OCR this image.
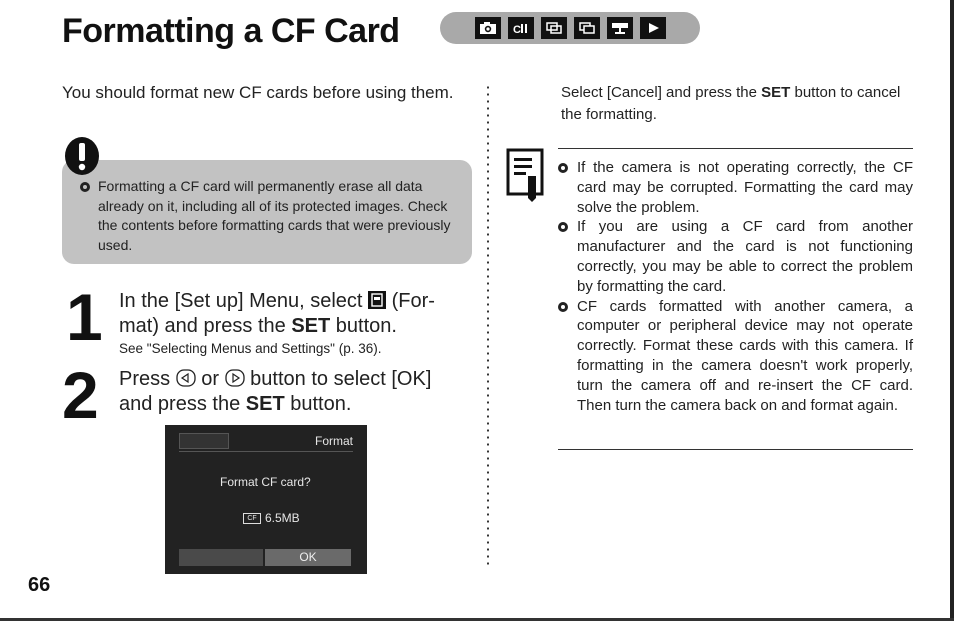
Formatting a CF Card	C

You should format new CF cards before using them.

Formatting a CF card will permanently erase all data already on it, including all of its protected images. Check the contents before formatting cards that were previously used.
1 In the [Set up] Menu, select (For-
mat) and press the SET button.
See "Selecting Menus and Settings" (p. 36).
2 Press or button to select [OK]
and press the SET button.
Format
Format CF card?
CF 6.5MB
OK

Select [Cancel] and press the SET button to cancel the formatting.

If the camera is not operating correctly, the CF card may be corrupted. Formatting the card may solve the problem.
If you are using a CF card from another manufacturer and the card is not functioning correctly, you may be able to correct the problem by formatting the card.
CF cards formatted with another camera, a computer or peripheral device may not operate correctly. Format these cards with this camera. If formatting in the camera doesn't work properly, turn the camera off and re-insert the CF card. Then turn the camera back on and format again.
66
